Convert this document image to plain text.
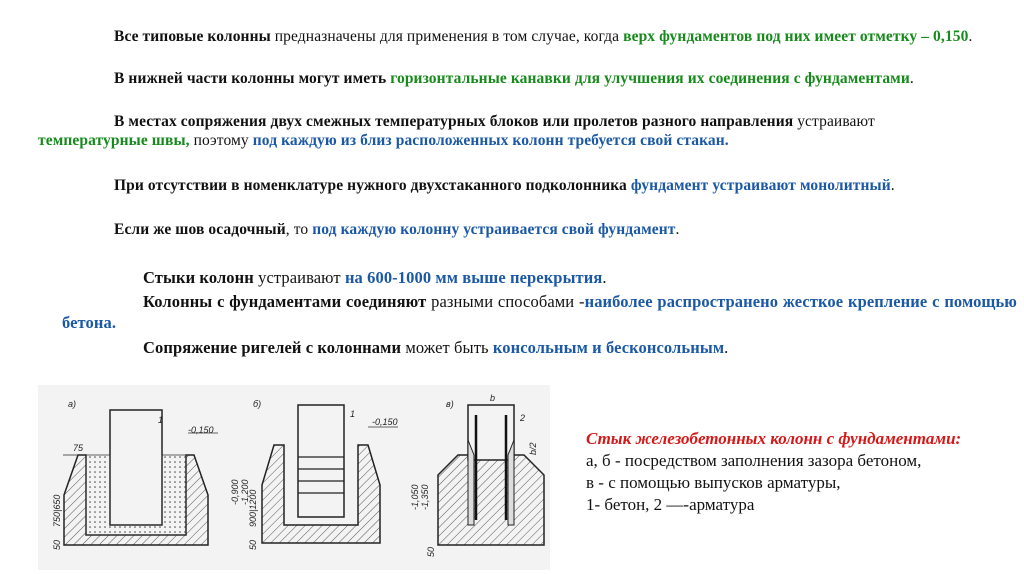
Все типовые колонны предназначены для применения в том случае, когда верх фундаментов под них имеет отметку – 0,150.

В нижней части колонны могут иметь горизонтальные канавки для улучшения их соединения с фундаментами.

В местах сопряжения двух смежных температурных блоков или пролетов разного направления устраивают температурные швы, поэтому под каждую из близ расположенных колонн требуется свой стакан.

При отсутствии в номенклатуре нужного двухстаканного подколонника фундамент устраивают монолитный.

Если же шов осадочный, то под каждую колонну устраивается свой фундамент.

Стыки колонн устраивают на 600-1000 мм выше перекрытия.

Колонны с фундаментами соединяют разными способами -наиболее распространено жесткое крепление с помощью бетона.

Сопряжение ригелей с колоннами может быть консольным и бесконсольным.

а)
75
750|650
50
-0,150
1
б)
-0,150
1
900|1200
50
-0,900 -1,200
в)
b
2
b/2
50
-1,050 -1,350
Стык железобетонных колонн с фундаментами:
а, б - посредством заполнения зазора бетоном,
в - с помощью выпусков арматуры,
1- бетон, 2 —-арматура
